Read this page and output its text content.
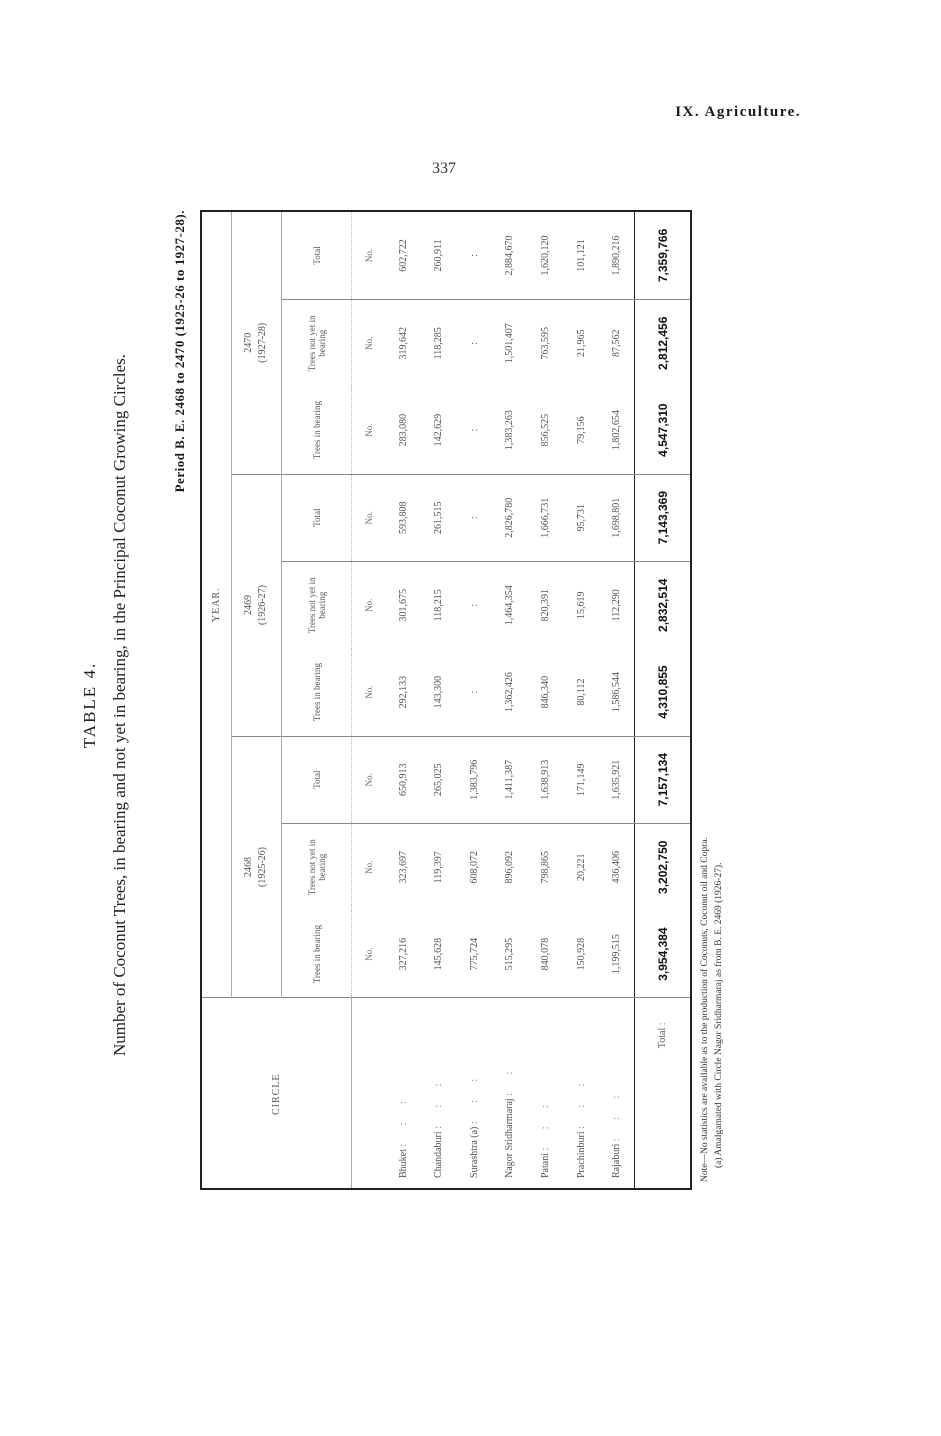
IX. Agriculture.
337
TABLE 4. Number of Coconut Trees, in bearing and not yet in bearing, in the Principal Coconut Growing Circles.
Period B. E. 2468 to 2470 (1925-26 to 1927-28).
CIRCLE	YEAR.								
	2468 (1925-26)			2469 (1926-27)			2470 (1927-28)		
	Trees in bearing	Trees not yet in bearing	Total	Trees in bearing	Trees not yet in bearing	Total	Trees in bearing	Trees not yet in bearing	Total
	No.	No.	No.	No.	No.	No.	No.	No.	No.
Bhuket : : :	327,216	323,697	650,913	292,133	301,675	593,808	283,080	319,642	602,722
Chandaburi : : :	145,628	119,397	265,025	143,300	118,215	261,515	142,629	118,285	260,911
Surashtra (a) : : :	775,724	608,072	1,383,796	:	:	:	:	:	:
Nagor Sridharmaraj : :	515,295	896,092	1,411,387	1,362,426	1,464,354	2,826,780	1,383,263	1,501,407	2,884,670
Patani : : :	840,078	798,865	1,638,913	846,340	820,391	1,666,731	856,525	763,595	1,620,120
Prachinburi : : :	150,928	20,221	171,149	80,112	15,619	95,731	79,156	21,965	101,121
Rajaburi : : :	1,199,515	436,406	1,635,921	1,586,544	112,290	1,698,801	1,802,654	87,562	1,890,216
Total :	3,954,384	3,202,750	7,157,134	4,310,855	2,832,514	7,143,369	4,547,310	2,812,456	7,359,766
Note—No statistics are available as to the production of Coconuts, Coconut oil and Copra. (a) Amalgamated with Circle Nagor Sridharmaraj as from B. E. 2469 (1926-27).
